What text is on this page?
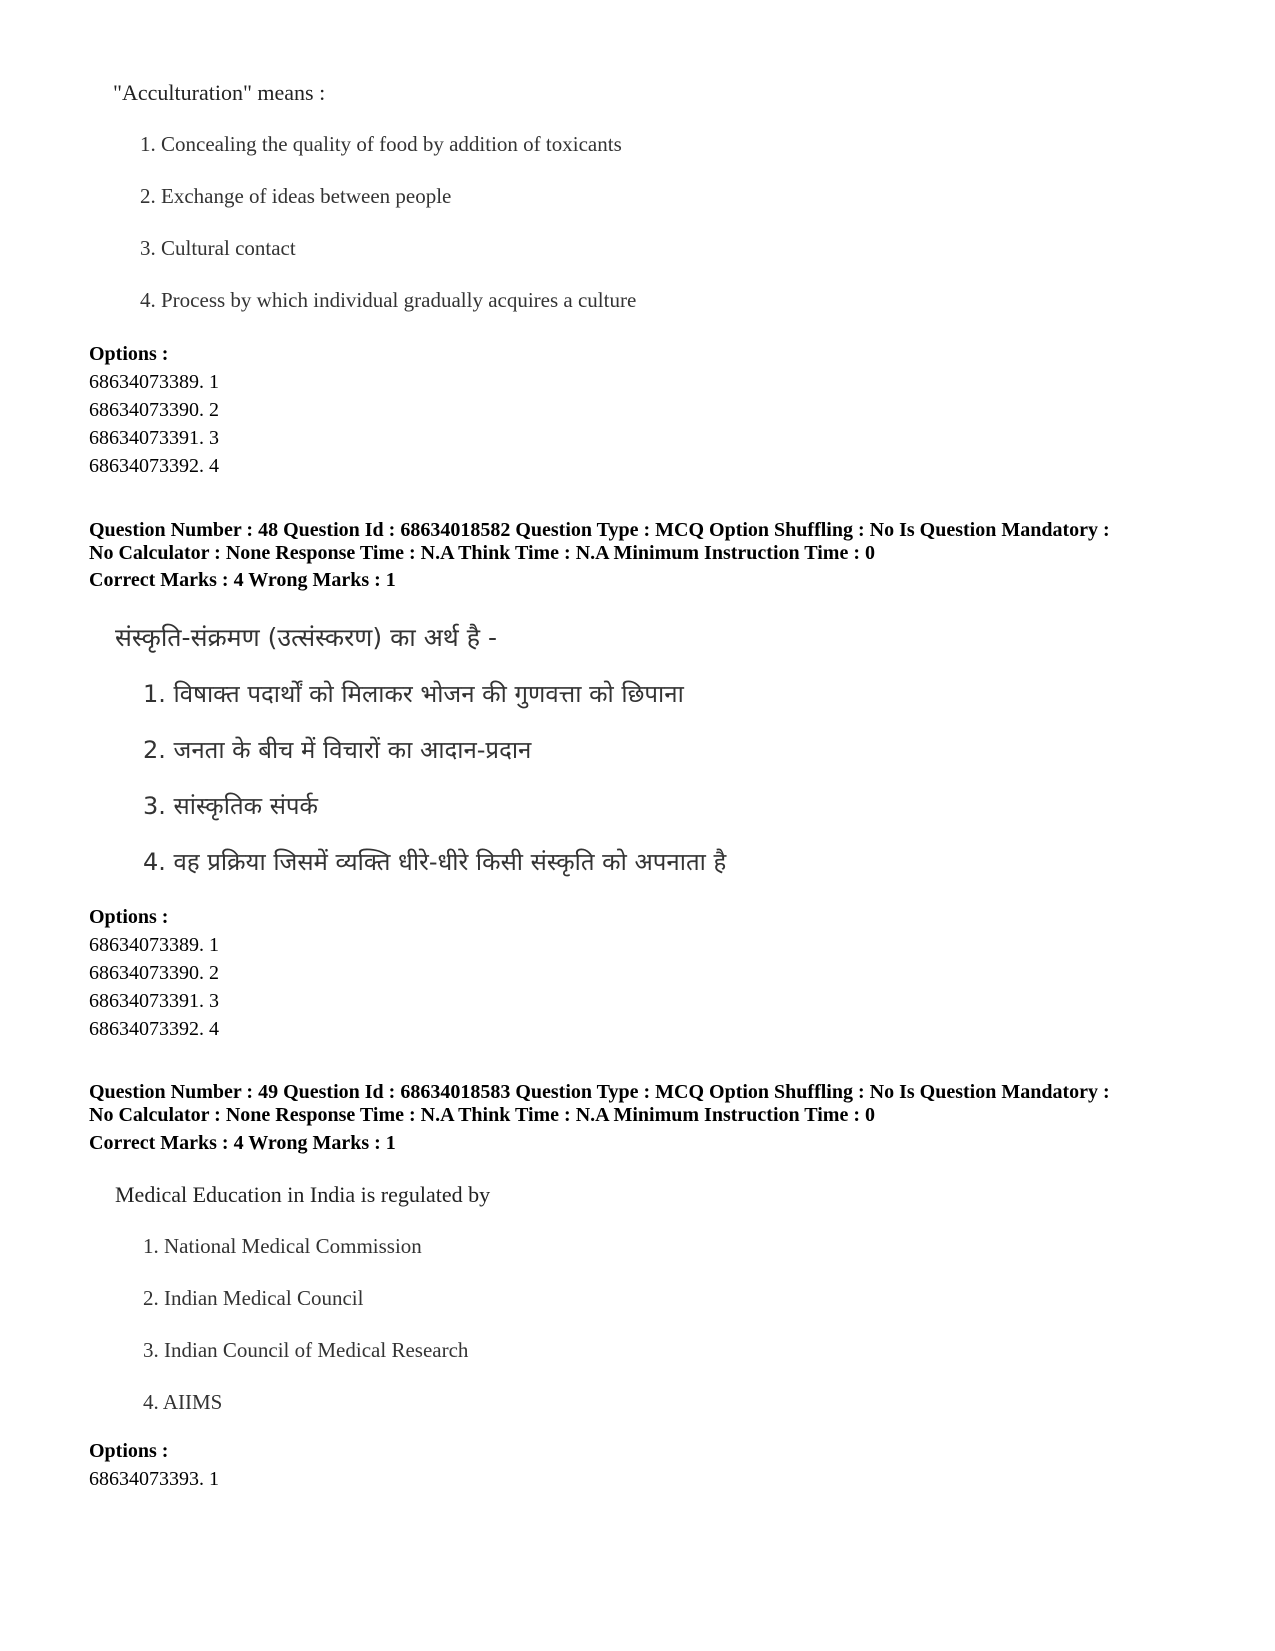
"Acculturation" means :
1. Concealing the quality of food by addition of toxicants
2. Exchange of ideas between people
3. Cultural contact
4. Process by which individual gradually acquires a culture
Options :
68634073389. 1
68634073390. 2
68634073391. 3
68634073392. 4
Question Number : 48 Question Id : 68634018582 Question Type : MCQ Option Shuffling : No Is Question Mandatory :
No Calculator : None Response Time : N.A Think Time : N.A Minimum Instruction Time : 0
Correct Marks : 4 Wrong Marks : 1
संस्कृति-संक्रमण (उत्संस्करण) का अर्थ है -
1. विषाक्त पदार्थों को मिलाकर भोजन की गुणवत्ता को छिपाना
2. जनता के बीच में विचारों का आदान-प्रदान
3. सांस्कृतिक संपर्क
4. वह प्रक्रिया जिसमें व्यक्ति धीरे-धीरे किसी संस्कृति को अपनाता है
Options :
68634073389. 1
68634073390. 2
68634073391. 3
68634073392. 4
Question Number : 49 Question Id : 68634018583 Question Type : MCQ Option Shuffling : No Is Question Mandatory :
No Calculator : None Response Time : N.A Think Time : N.A Minimum Instruction Time : 0
Correct Marks : 4 Wrong Marks : 1
Medical Education in India is regulated by
1. National Medical Commission
2. Indian Medical Council
3. Indian Council of Medical Research
4. AIIMS
Options :
68634073393. 1
